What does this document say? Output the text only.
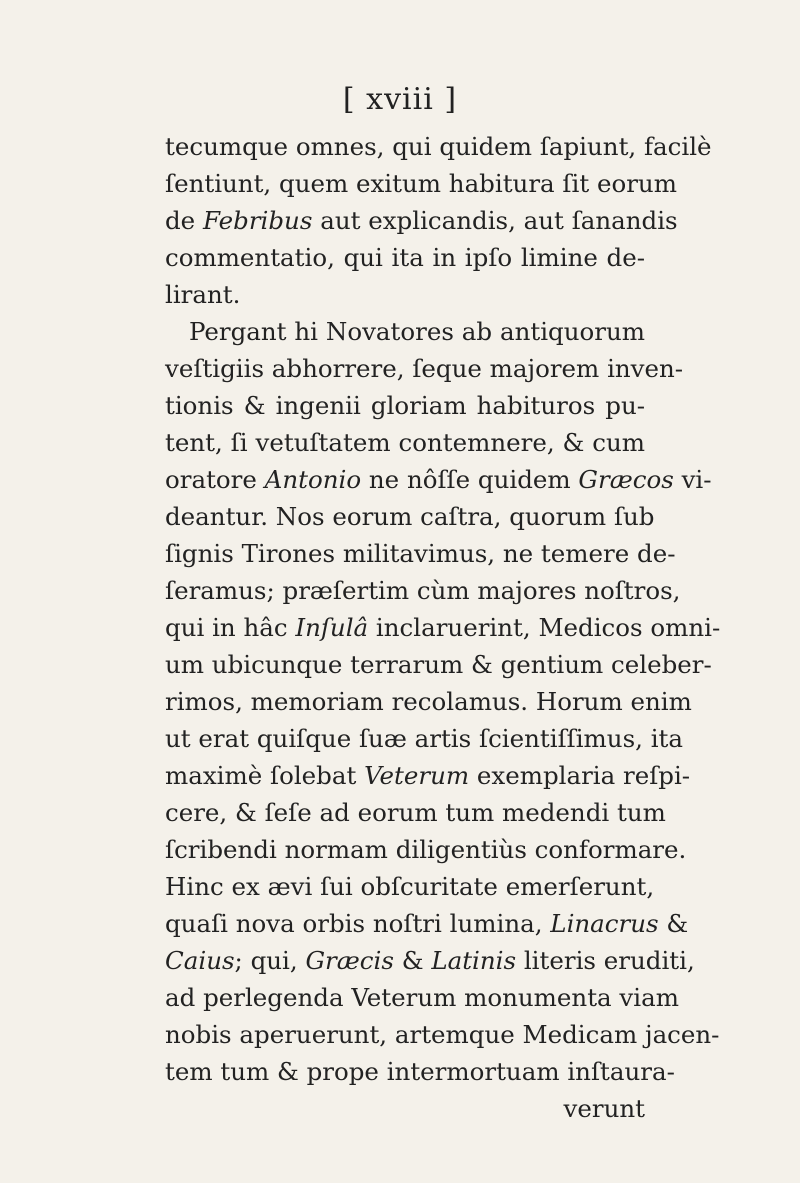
[ xviii ]
tecumque omnes, qui quidem ſapiunt, facilè
ſentiunt, quem exitum habitura ſit eorum
de Febribus aut explicandis, aut ſanandis
commentatio, qui ita in ipſo limine de-
lirant.
Pergant hi Novatores ab antiquorum
veſtigiis abhorrere, ſeque majorem inven-
tionis & ingenii gloriam habituros pu-
tent, ſi vetuſtatem contemnere, & cum
oratore Antonio ne nôſſe quidem Græcos vi-
deantur. Nos eorum caſtra, quorum ſub
ſignis Tirones militavimus, ne temere de-
ſeramus; præſertim cùm majores noſtros,
qui in hâc Inſulâ inclaruerint, Medicos omni-
um ubicunque terrarum & gentium celeber-
rimos, memoriam recolamus. Horum enim
ut erat quiſque ſuæ artis ſcientiſſimus, ita
maximè ſolebat Veterum exemplaria reſpi-
cere, & ſeſe ad eorum tum medendi tum
ſcribendi normam diligentiùs conformare.
Hinc ex ævi ſui obſcuritate emerſerunt,
quaſi nova orbis noſtri lumina, Linacrus &
Caius; qui, Græcis & Latinis literis eruditi,
ad perlegenda Veterum monumenta viam
nobis aperuerunt, artemque Medicam jacen-
tem tum & prope intermortuam inſtaura-
verunt
